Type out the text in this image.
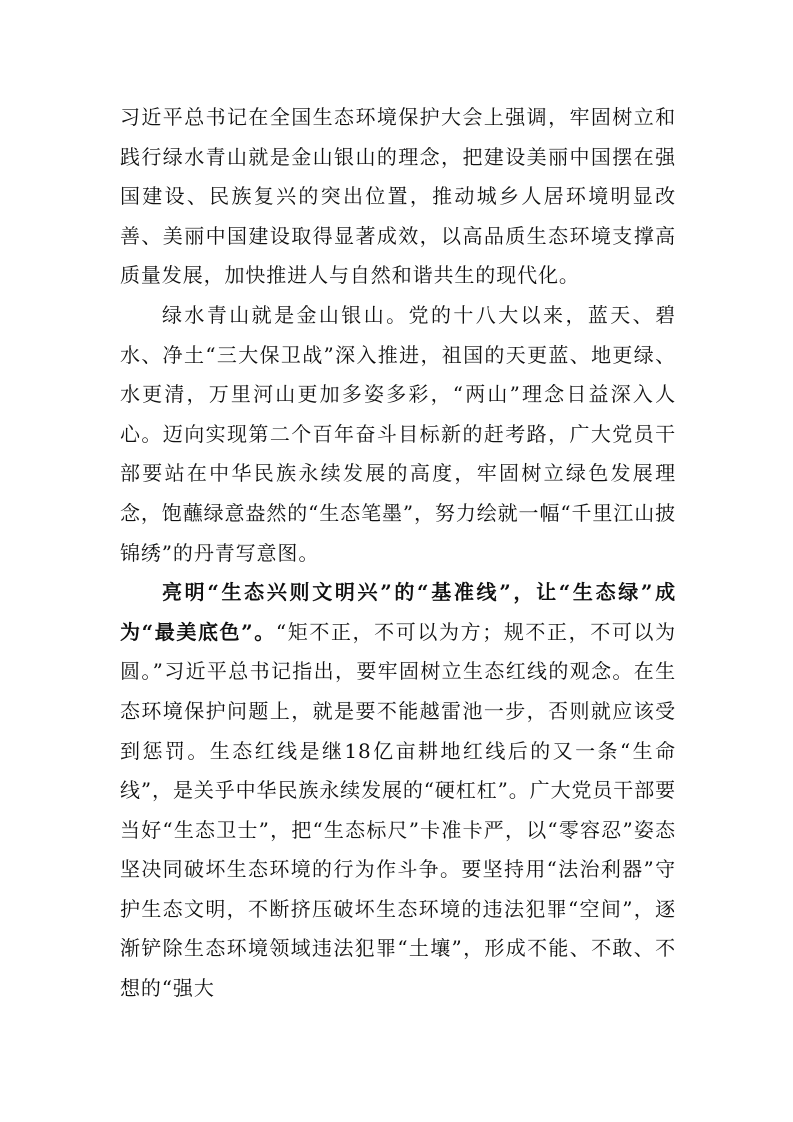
习近平总书记在全国生态环境保护大会上强调，牢固树立和践行绿水青山就是金山银山的理念，把建设美丽中国摆在强国建设、民族复兴的突出位置，推动城乡人居环境明显改善、美丽中国建设取得显著成效，以高品质生态环境支撑高质量发展，加快推进人与自然和谐共生的现代化。

绿水青山就是金山银山。党的十八大以来，蓝天、碧水、净土“三大保卫战”深入推进，祖国的天更蓝、地更绿、水更清，万里河山更加多姿多彩，“两山”理念日益深入人心。迈向实现第二个百年奋斗目标新的赶考路，广大党员干部要站在中华民族永续发展的高度，牢固树立绿色发展理念，饱蘸绿意盎然的“生态笔墨”，努力绘就一幅“千里江山披锦绣”的丹青写意图。

亮明“生态兴则文明兴”的“基准线”，让“生态绿”成为“最美底色”。“矩不正，不可以为方；规不正，不可以为圆。”习近平总书记指出，要牢固树立生态红线的观念。在生态环境保护问题上，就是要不能越雷池一步，否则就应该受到惩罚。生态红线是继18亿亩耕地红线后的又一条“生命线”，是关乎中华民族永续发展的“硬杠杠”。广大党员干部要当好“生态卫士”，把“生态标尺”卡准卡严，以“零容忍”姿态坚决同破坏生态环境的行为作斗争。要坚持用“法治利器”守护生态文明，不断挤压破坏生态环境的违法犯罪“空间”，逐渐铲除生态环境领域违法犯罪“土壤”，形成不能、不敢、不想的“强大
